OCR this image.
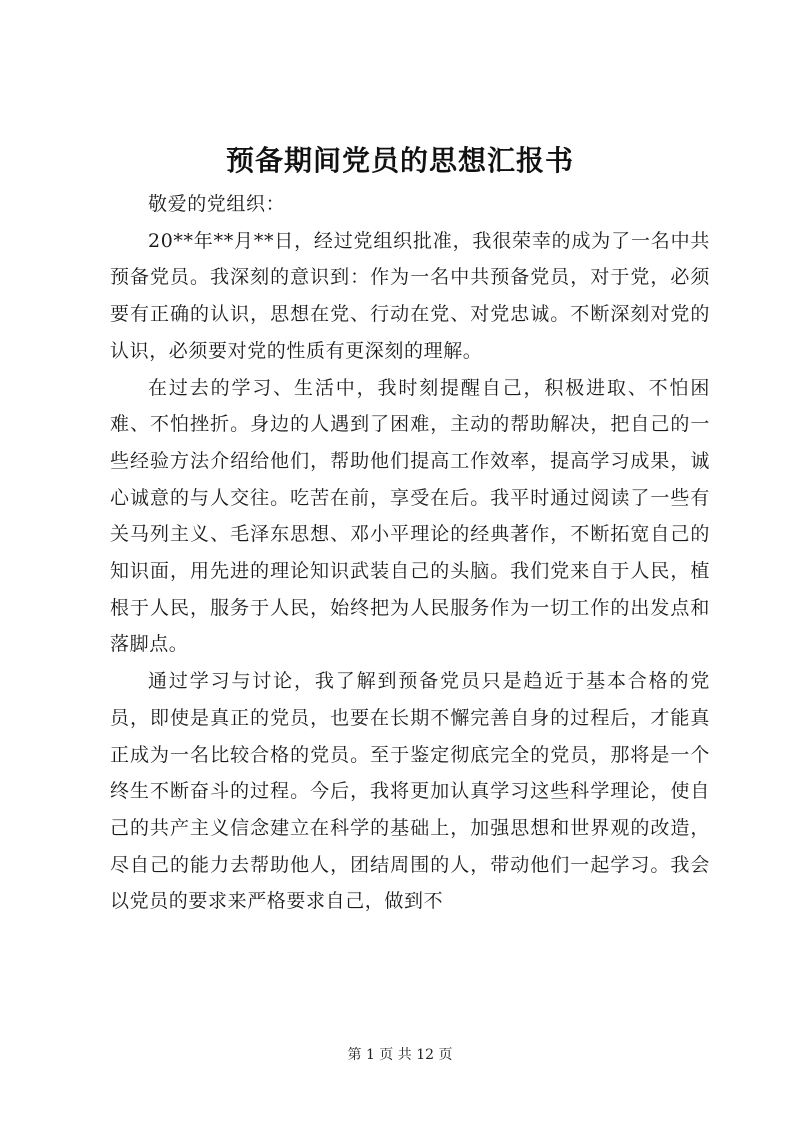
预备期间党员的思想汇报书

敬爱的党组织：

20**年**月**日，经过党组织批准，我很荣幸的成为了一名中共预备党员。我深刻的意识到：作为一名中共预备党员，对于党，必须要有正确的认识，思想在党、行动在党、对党忠诚。不断深刻对党的认识，必须要对党的性质有更深刻的理解。

在过去的学习、生活中，我时刻提醒自己，积极进取、不怕困难、不怕挫折。身边的人遇到了困难，主动的帮助解决，把自己的一些经验方法介绍给他们，帮助他们提高工作效率，提高学习成果，诚心诚意的与人交往。吃苦在前，享受在后。我平时通过阅读了一些有关马列主义、毛泽东思想、邓小平理论的经典著作，不断拓宽自己的知识面，用先进的理论知识武装自己的头脑。我们党来自于人民，植根于人民，服务于人民，始终把为人民服务作为一切工作的出发点和落脚点。

通过学习与讨论，我了解到预备党员只是趋近于基本合格的党员，即使是真正的党员，也要在长期不懈完善自身的过程后，才能真正成为一名比较合格的党员。至于鉴定彻底完全的党员，那将是一个终生不断奋斗的过程。今后，我将更加认真学习这些科学理论，使自己的共产主义信念建立在科学的基础上，加强思想和世界观的改造，尽自己的能力去帮助他人，团结周围的人，带动他们一起学习。我会以党员的要求来严格要求自己，做到不

第 1 页 共 12 页
